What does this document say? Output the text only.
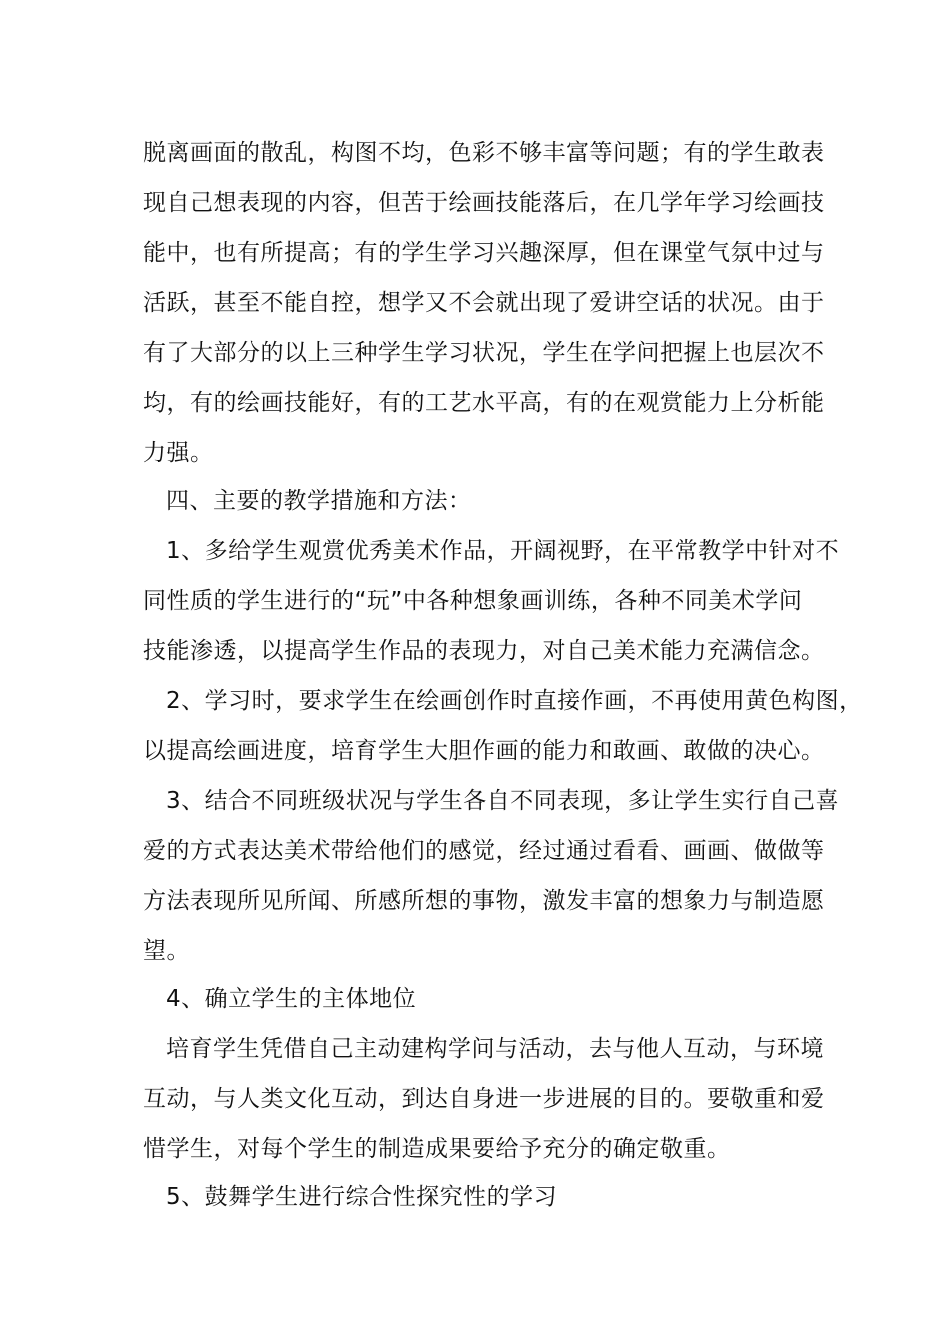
脱离画面的散乱，构图不均，色彩不够丰富等问题；有的学生敢表
现自己想表现的内容，但苦于绘画技能落后，在几学年学习绘画技
能中，也有所提高；有的学生学习兴趣深厚，但在课堂气氛中过与
活跃，甚至不能自控，想学又不会就出现了爱讲空话的状况。由于
有了大部分的以上三种学生学习状况，学生在学问把握上也层次不
均，有的绘画技能好，有的工艺水平高，有的在观赏能力上分析能
力强。
四、主要的教学措施和方法：
1、多给学生观赏优秀美术作品，开阔视野，在平常教学中针对不
同性质的学生进行的“玩”中各种想象画训练，各种不同美术学问
技能渗透，以提高学生作品的表现力，对自己美术能力充满信念。
2、学习时，要求学生在绘画创作时直接作画，不再使用黄色构图，
以提高绘画进度，培育学生大胆作画的能力和敢画、敢做的决心。
3、结合不同班级状况与学生各自不同表现，多让学生实行自己喜
爱的方式表达美术带给他们的感觉，经过通过看看、画画、做做等
方法表现所见所闻、所感所想的事物，激发丰富的想象力与制造愿
望。
4、确立学生的主体地位
培育学生凭借自己主动建构学问与活动，去与他人互动，与环境
互动，与人类文化互动，到达自身进一步进展的目的。要敬重和爱
惜学生，对每个学生的制造成果要给予充分的确定敬重。
5、鼓舞学生进行综合性探究性的学习
